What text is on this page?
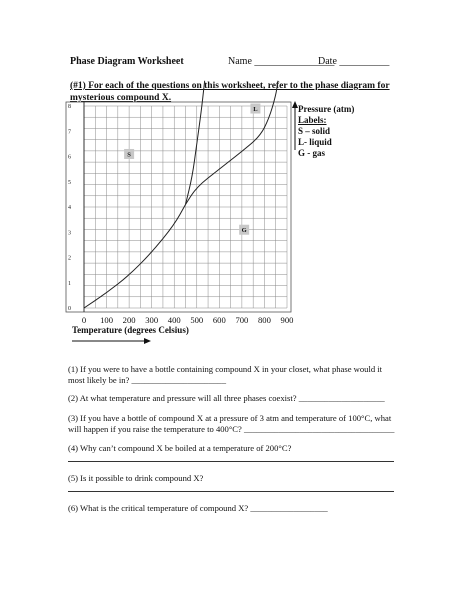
Phase Diagram Worksheet	Name ________________
Date __________
(#1) For each of the questions on this worksheet, refer to the phase diagram for mysterious compound X.
0
1
2
3
4
5
6
7
8
0 100 200 300 400 500 600 700 800 900
S
L
G
Pressure (atm)
Labels:
S – solid
L- liquid
G - gas
Temperature (degrees Celsius)
(1) If you were to have a bottle containing compound X in your closet, what phase would it most likely be in? ______________________
(2) At what temperature and pressure will all three phases coexist? ____________________
(3) If you have a bottle of compound X at a pressure of 3 atm and temperature of 100°C, what will happen if you raise the temperature to 400°C? ___________________________________
(4) Why can’t compound X be boiled at a temperature of 200°C?
(5) Is it possible to drink compound X?
(6) What is the critical temperature of compound X? __________________
